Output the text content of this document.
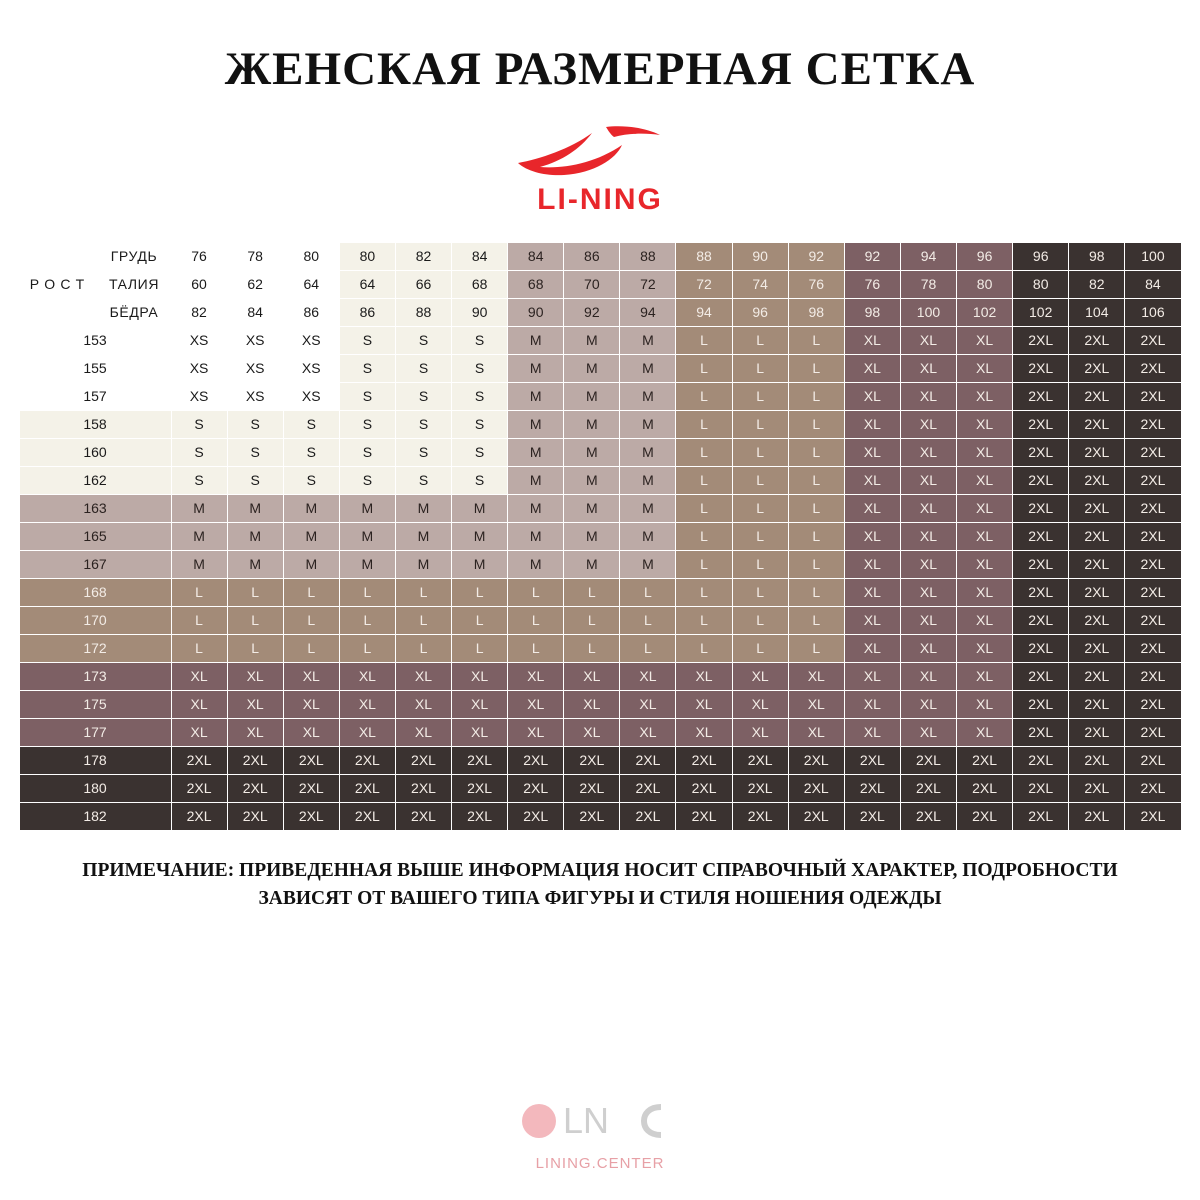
ЖЕНСКАЯ РАЗМЕРНАЯ СЕТКА
LI-NING
Р О С Т	ГРУДЬ	76	78	80	80	82	84	84	86	88	88	90	92	92	94	96	96	98	100
	ТАЛИЯ	60	62	64	64	66	68	68	70	72	72	74	76	76	78	80	80	82	84
	БЁДРА	82	84	86	86	88	90	90	92	94	94	96	98	98	100	102	102	104	106
153		XS	XS	XS	S	S	S	M	M	M	L	L	L	XL	XL	XL	2XL	2XL	2XL
155		XS	XS	XS	S	S	S	M	M	M	L	L	L	XL	XL	XL	2XL	2XL	2XL
157		XS	XS	XS	S	S	S	M	M	M	L	L	L	XL	XL	XL	2XL	2XL	2XL
158		S	S	S	S	S	S	M	M	M	L	L	L	XL	XL	XL	2XL	2XL	2XL
160		S	S	S	S	S	S	M	M	M	L	L	L	XL	XL	XL	2XL	2XL	2XL
162		S	S	S	S	S	S	M	M	M	L	L	L	XL	XL	XL	2XL	2XL	2XL
163		M	M	M	M	M	M	M	M	M	L	L	L	XL	XL	XL	2XL	2XL	2XL
165		M	M	M	M	M	M	M	M	M	L	L	L	XL	XL	XL	2XL	2XL	2XL
167		M	M	M	M	M	M	M	M	M	L	L	L	XL	XL	XL	2XL	2XL	2XL
168		L	L	L	L	L	L	L	L	L	L	L	L	XL	XL	XL	2XL	2XL	2XL
170		L	L	L	L	L	L	L	L	L	L	L	L	XL	XL	XL	2XL	2XL	2XL
172		L	L	L	L	L	L	L	L	L	L	L	L	XL	XL	XL	2XL	2XL	2XL
173		XL	XL	XL	XL	XL	XL	XL	XL	XL	XL	XL	XL	XL	XL	XL	2XL	2XL	2XL
175		XL	XL	XL	XL	XL	XL	XL	XL	XL	XL	XL	XL	XL	XL	XL	2XL	2XL	2XL
177		XL	XL	XL	XL	XL	XL	XL	XL	XL	XL	XL	XL	XL	XL	XL	2XL	2XL	2XL
178		2XL	2XL	2XL	2XL	2XL	2XL	2XL	2XL	2XL	2XL	2XL	2XL	2XL	2XL	2XL	2XL	2XL	2XL
180		2XL	2XL	2XL	2XL	2XL	2XL	2XL	2XL	2XL	2XL	2XL	2XL	2XL	2XL	2XL	2XL	2XL	2XL
182		2XL	2XL	2XL	2XL	2XL	2XL	2XL	2XL	2XL	2XL	2XL	2XL	2XL	2XL	2XL	2XL	2XL	2XL
ПРИМЕЧАНИЕ: ПРИВЕДЕННАЯ ВЫШЕ ИНФОРМАЦИЯ НОСИТ СПРАВОЧНЫЙ ХАРАКТЕР, ПОДРОБНОСТИ ЗАВИСЯТ ОТ ВАШЕГО ТИПА ФИГУРЫ И СТИЛЯ НОШЕНИЯ ОДЕЖДЫ
LN
LINING.CENTER
